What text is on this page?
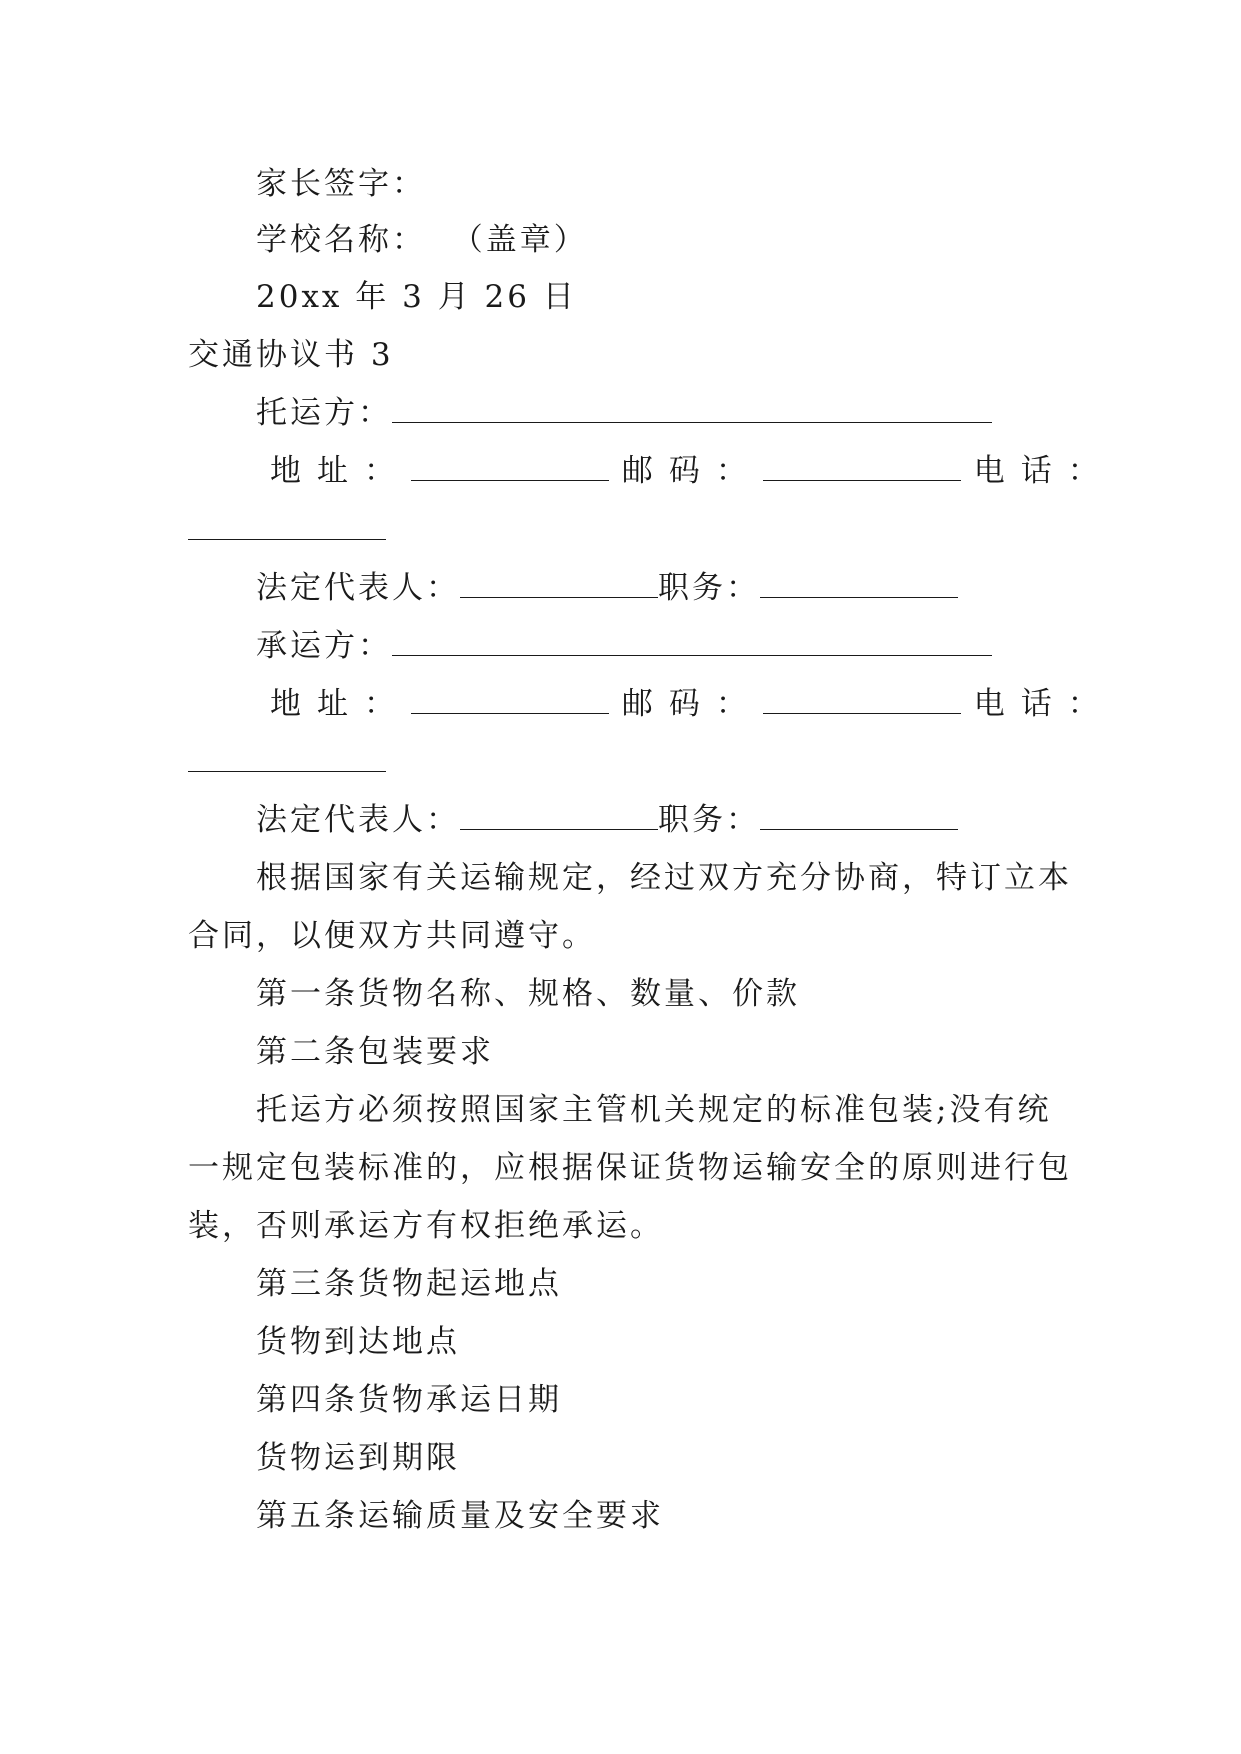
家长签字：
学校名称： （盖章）
20xx 年 3 月 26 日
交通协议书 3
托运方：
地址：	邮码：	电话：
法定代表人：	职务：
承运方：
地址：	邮码：	电话：
法定代表人：	职务：
根据国家有关运输规定，经过双方充分协商，特订立本
合同，以便双方共同遵守。
第一条货物名称、规格、数量、价款
第二条包装要求
托运方必须按照国家主管机关规定的标准包装;没有统
一规定包装标准的，应根据保证货物运输安全的原则进行包
装，否则承运方有权拒绝承运。
第三条货物起运地点
货物到达地点
第四条货物承运日期
货物运到期限
第五条运输质量及安全要求
